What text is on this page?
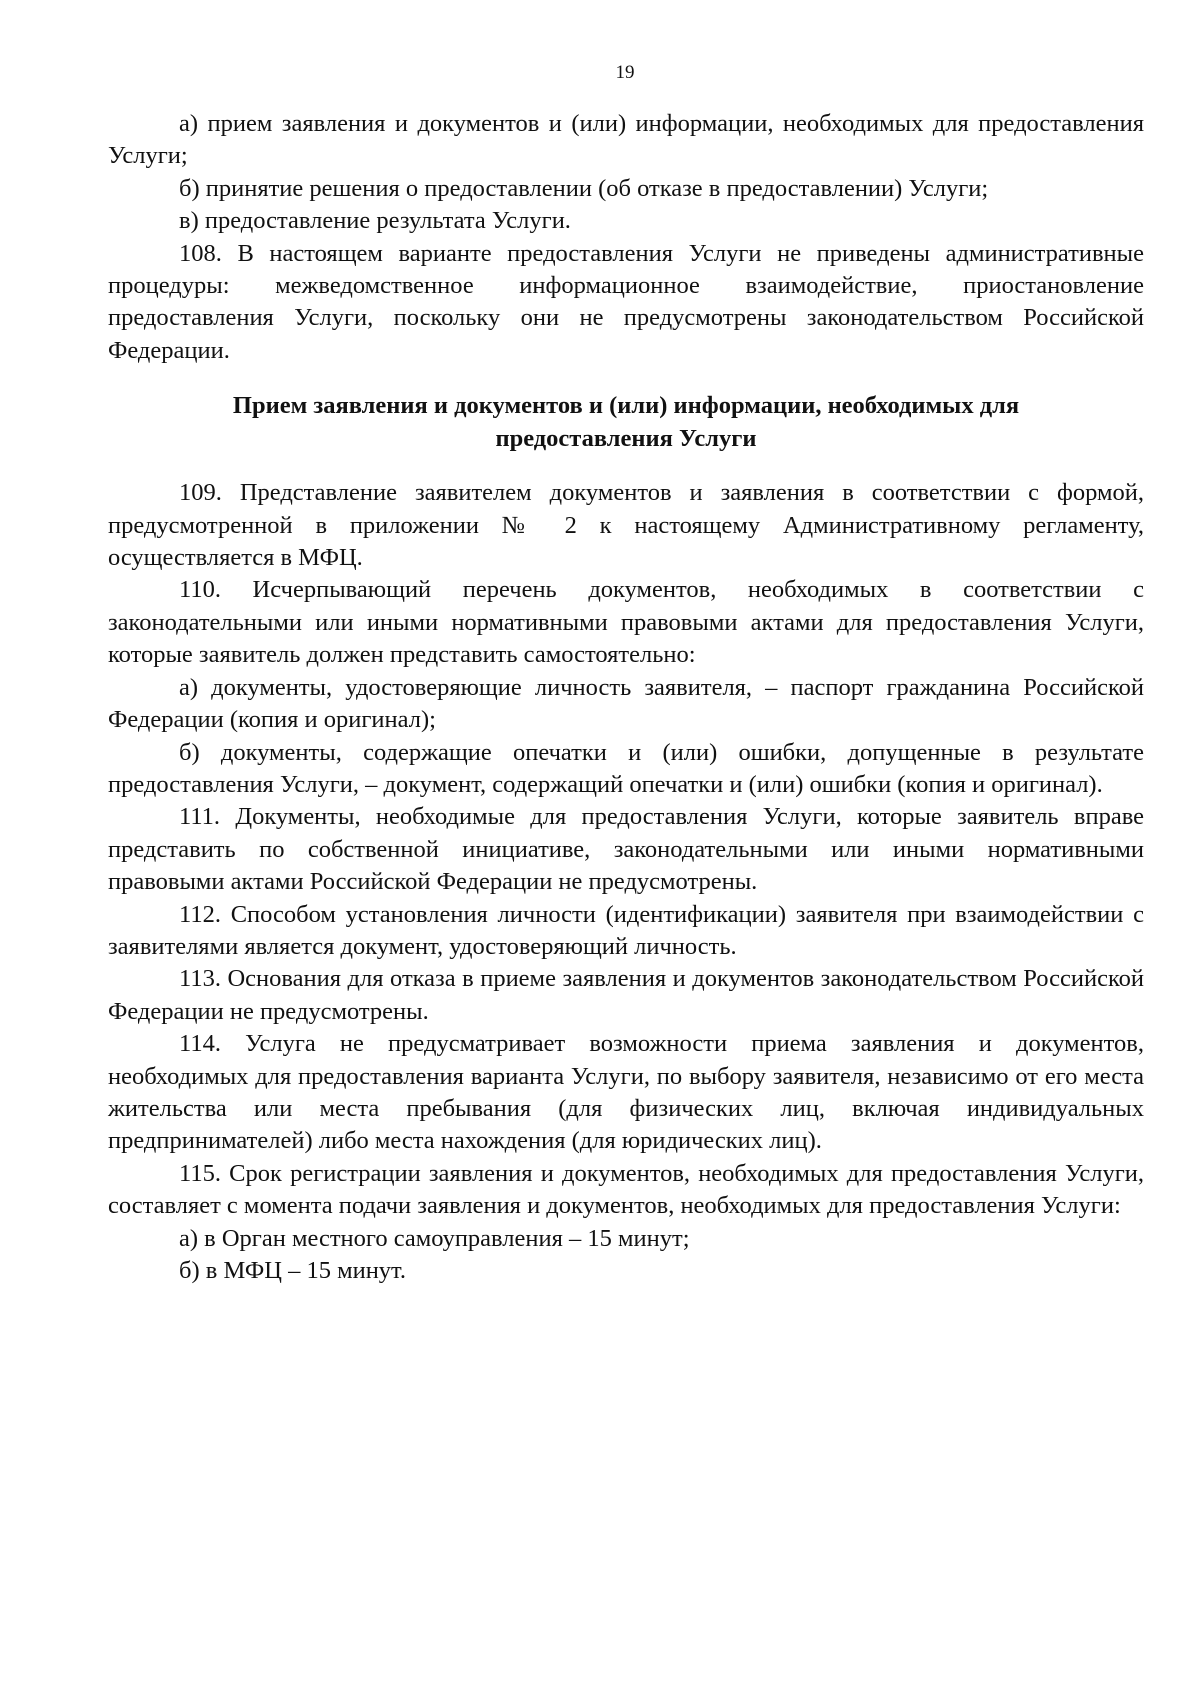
19

а) прием заявления и документов и (или) информации, необходимых для предоставления Услуги;

б) принятие решения о предоставлении (об отказе в предоставлении) Услуги;

в) предоставление результата Услуги.

108. В настоящем варианте предоставления Услуги не приведены административные процедуры: межведомственное информационное взаимодействие, приостановление предоставления Услуги, поскольку они не предусмотрены законодательством Российской Федерации.

Прием заявления и документов и (или) информации, необходимых для
предоставления Услуги

109. Представление заявителем документов и заявления в соответствии с формой, предусмотренной в приложении № 2 к настоящему Административному регламенту, осуществляется в МФЦ.

110. Исчерпывающий перечень документов, необходимых в соответствии с законодательными или иными нормативными правовыми актами для предоставления Услуги, которые заявитель должен представить самостоятельно:

а) документы, удостоверяющие личность заявителя, – паспорт гражданина Российской Федерации (копия и оригинал);

б) документы, содержащие опечатки и (или) ошибки, допущенные в результате предоставления Услуги, – документ, содержащий опечатки и (или) ошибки (копия и оригинал).

111. Документы, необходимые для предоставления Услуги, которые заявитель вправе представить по собственной инициативе, законодательными или иными нормативными правовыми актами Российской Федерации не предусмотрены.

112. Способом установления личности (идентификации) заявителя при взаимодействии с заявителями является документ, удостоверяющий личность.

113. Основания для отказа в приеме заявления и документов законодательством Российской Федерации не предусмотрены.

114. Услуга не предусматривает возможности приема заявления и документов, необходимых для предоставления варианта Услуги, по выбору заявителя, независимо от его места жительства или места пребывания (для физических лиц, включая индивидуальных предпринимателей) либо места нахождения (для юридических лиц).

115. Срок регистрации заявления и документов, необходимых для предоставления Услуги, составляет с момента подачи заявления и документов, необходимых для предоставления Услуги:

а) в Орган местного самоуправления – 15 минут;

б) в МФЦ – 15 минут.
